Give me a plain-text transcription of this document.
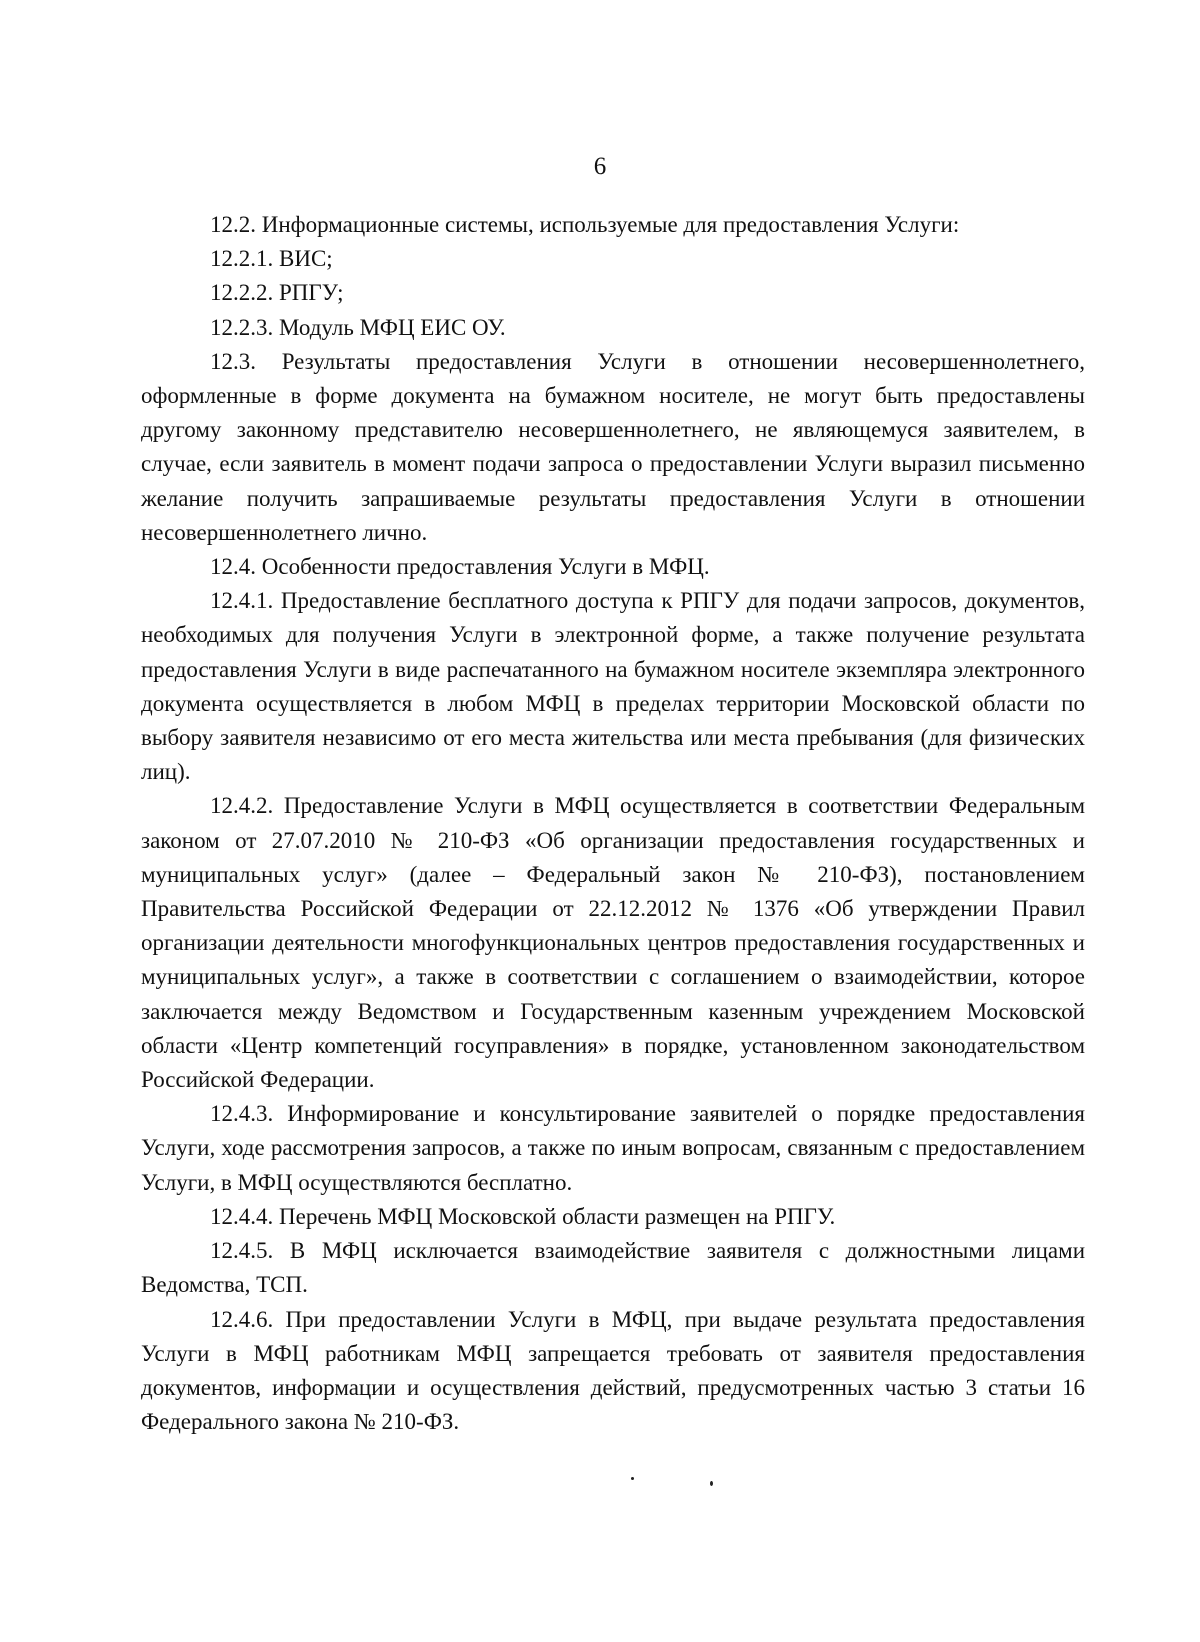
6

12.2. Информационные системы, используемые для предоставления Услуги:

12.2.1. ВИС;

12.2.2. РПГУ;

12.2.3. Модуль МФЦ ЕИС ОУ.

12.3. Результаты предоставления Услуги в отношении несовершеннолетнего, оформленные в форме документа на бумажном носителе, не могут быть предоставлены другому законному представителю несовершеннолетнего, не являющемуся заявителем, в случае, если заявитель в момент подачи запроса о предоставлении Услуги выразил письменно желание получить запрашиваемые результаты предоставления Услуги в отношении несовершеннолетнего лично.

12.4. Особенности предоставления Услуги в МФЦ.

12.4.1. Предоставление бесплатного доступа к РПГУ для подачи запросов, документов, необходимых для получения Услуги в электронной форме, а также получение результата предоставления Услуги в виде распечатанного на бумажном носителе экземпляра электронного документа осуществляется в любом МФЦ в пределах территории Московской области по выбору заявителя независимо от его места жительства или места пребывания (для физических лиц).

12.4.2. Предоставление Услуги в МФЦ осуществляется в соответствии Федеральным законом от 27.07.2010 № 210-ФЗ «Об организации предоставления государственных и муниципальных услуг» (далее – Федеральный закон № 210-ФЗ), постановлением Правительства Российской Федерации от 22.12.2012 № 1376 «Об утверждении Правил организации деятельности многофункциональных центров предоставления государственных и муниципальных услуг», а также в соответствии с соглашением о взаимодействии, которое заключается между Ведомством и Государственным казенным учреждением Московской области «Центр компетенций госуправления» в порядке, установленном законодательством Российской Федерации.

12.4.3. Информирование и консультирование заявителей о порядке предоставления Услуги, ходе рассмотрения запросов, а также по иным вопросам, связанным с предоставлением Услуги, в МФЦ осуществляются бесплатно.

12.4.4. Перечень МФЦ Московской области размещен на РПГУ.

12.4.5. В МФЦ исключается взаимодействие заявителя с должностными лицами Ведомства, ТСП.

12.4.6. При предоставлении Услуги в МФЦ, при выдаче результата предоставления Услуги в МФЦ работникам МФЦ запрещается требовать от заявителя предоставления документов, информации и осуществления действий, предусмотренных частью 3 статьи 16 Федерального закона № 210-ФЗ.
